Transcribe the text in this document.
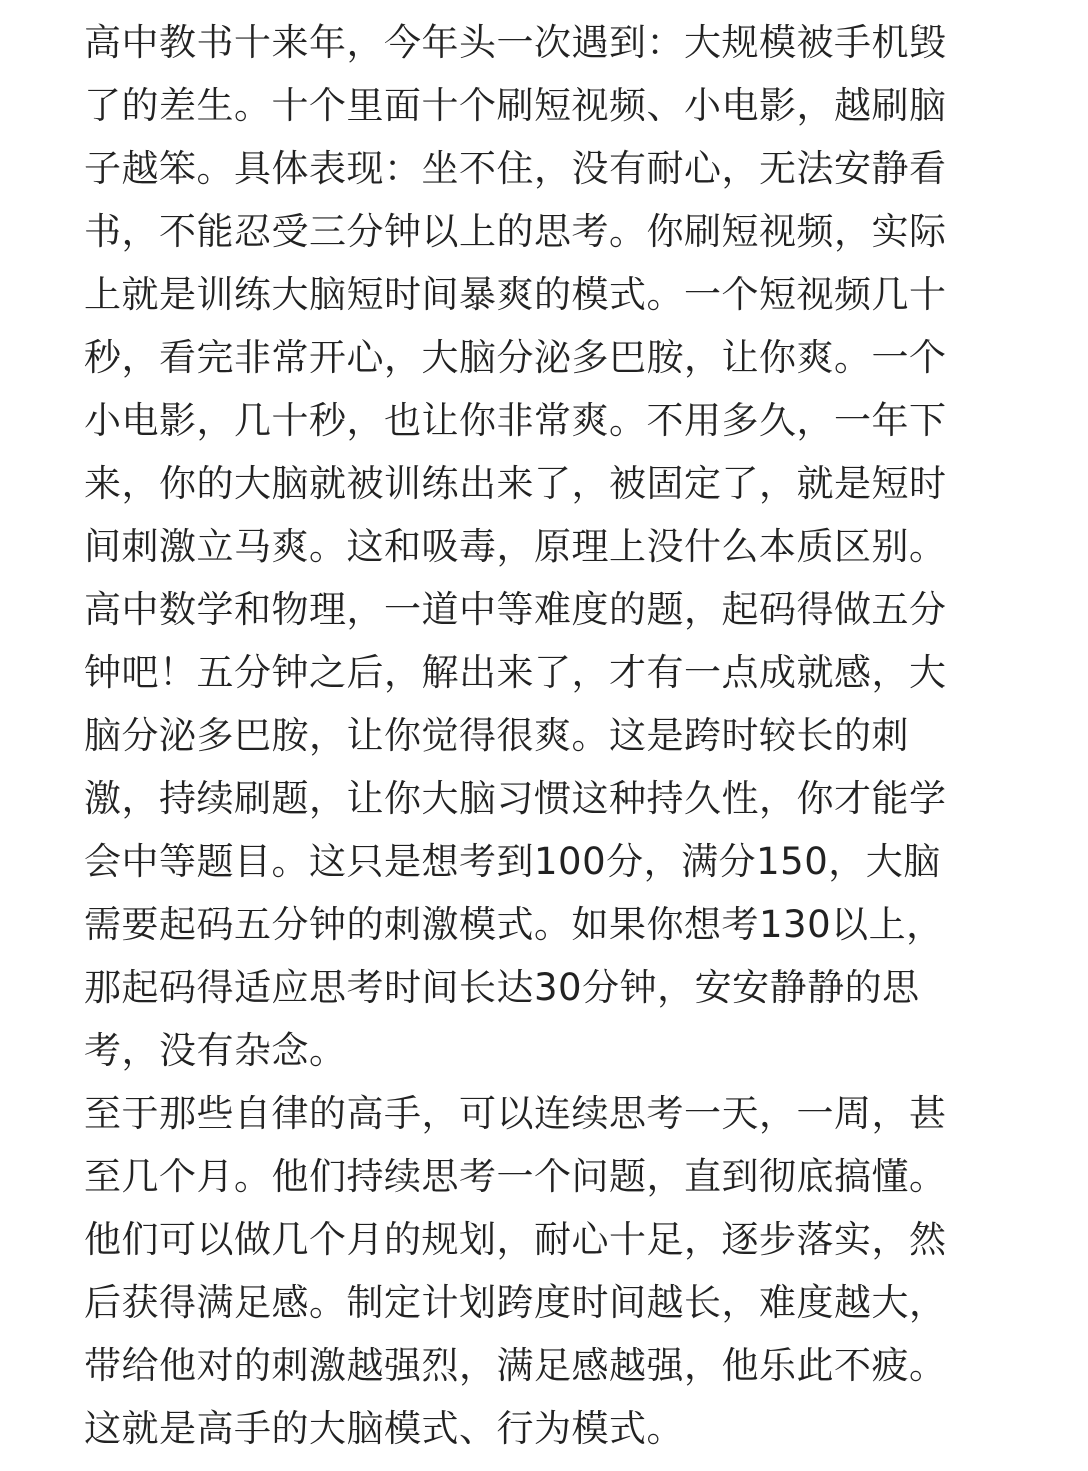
高中教书十来年，今年头一次遇到：大规模被手机毁
了的差生。十个里面十个刷短视频、小电影，越刷脑
子越笨。具体表现：坐不住，没有耐心，无法安静看
书，不能忍受三分钟以上的思考。你刷短视频，实际
上就是训练大脑短时间暴爽的模式。一个短视频几十
秒，看完非常开心，大脑分泌多巴胺，让你爽。一个
小电影，几十秒，也让你非常爽。不用多久，一年下
来，你的大脑就被训练出来了，被固定了，就是短时
间刺激立马爽。这和吸毒，原理上没什么本质区别。
高中数学和物理，一道中等难度的题，起码得做五分
钟吧！五分钟之后，解出来了，才有一点成就感，大
脑分泌多巴胺，让你觉得很爽。这是跨时较长的刺
激，持续刷题，让你大脑习惯这种持久性，你才能学
会中等题目。这只是想考到100分，满分150，大脑
需要起码五分钟的刺激模式。如果你想考130以上，
那起码得适应思考时间长达30分钟，安安静静的思
考，没有杂念。
至于那些自律的高手，可以连续思考一天，一周，甚
至几个月。他们持续思考一个问题，直到彻底搞懂。
他们可以做几个月的规划，耐心十足，逐步落实，然
后获得满足感。制定计划跨度时间越长，难度越大，
带给他对的刺激越强烈，满足感越强，他乐此不疲。
这就是高手的大脑模式、行为模式。
